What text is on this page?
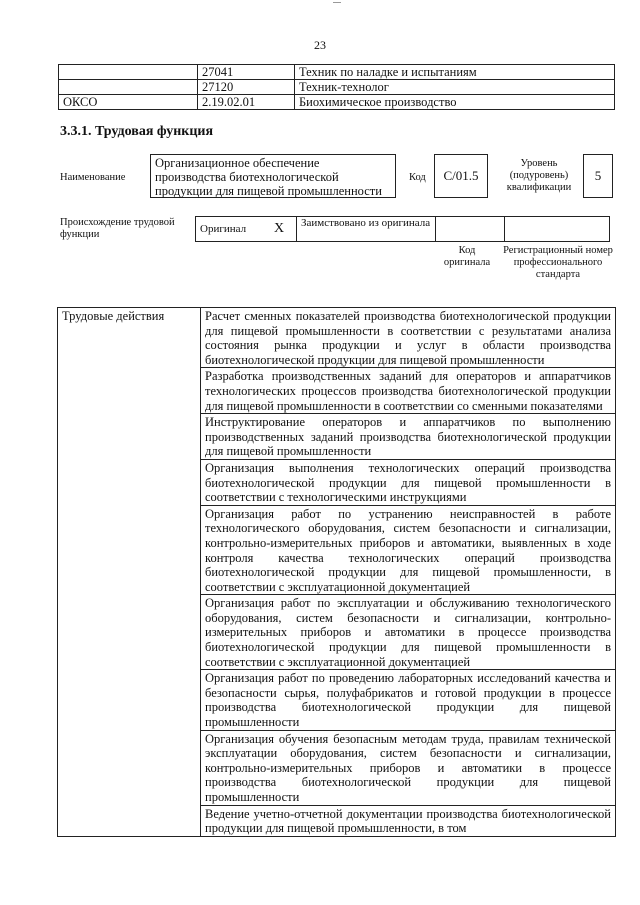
23
	27041	Техник по наладке и испытаниям
	27120	Техник-технолог
ОКСО	2.19.02.01	Биохимическое производство
3.3.1. Трудовая функция
Наименование
Организационное обеспечение производства биотехнологической продукции для пищевой промышленности
Код	С/01.5
Уровень (подуровень) квалификации
5
Происхождение трудовой функции	Оригинал	X	Заимствовано из оригинала		
Код оригинала
Регистрационный номер профессионального стандарта
Трудовые действия	Расчет сменных показателей производства биотехнологической продукции для пищевой промышленности в соответствии с результатами анализа состояния рынка продукции и услуг в области производства биотехнологической продукции для пищевой промышленности
Разработка производственных заданий для операторов и аппаратчиков технологических процессов производства биотехнологической продукции для пищевой промышленности в соответствии со сменными показателями
Инструктирование операторов и аппаратчиков по выполнению производственных заданий производства биотехнологической продукции для пищевой промышленности
Организация выполнения технологических операций производства биотехнологической продукции для пищевой промышленности в соответствии с технологическими инструкциями
Организация работ по устранению неисправностей в работе технологического оборудования, систем безопасности и сигнализации, контрольно-измерительных приборов и автоматики, выявленных в ходе контроля качества технологических операций производства биотехнологической продукции для пищевой промышленности, в соответствии с эксплуатационной документацией
Организация работ по эксплуатации и обслуживанию технологического оборудования, систем безопасности и сигнализации, контрольно-измерительных приборов и автоматики в процессе производства биотехнологической продукции для пищевой промышленности в соответствии с эксплуатационной документацией
Организация работ по проведению лабораторных исследований качества и безопасности сырья, полуфабрикатов и готовой продукции в процессе производства биотехнологической продукции для пищевой промышленности
Организация обучения безопасным методам труда, правилам технической эксплуатации оборудования, систем безопасности и сигнализации, контрольно-измерительных приборов и автоматики в процессе производства биотехнологической продукции для пищевой промышленности
Ведение учетно-отчетной документации производства биотехнологической продукции для пищевой промышленности, в том
